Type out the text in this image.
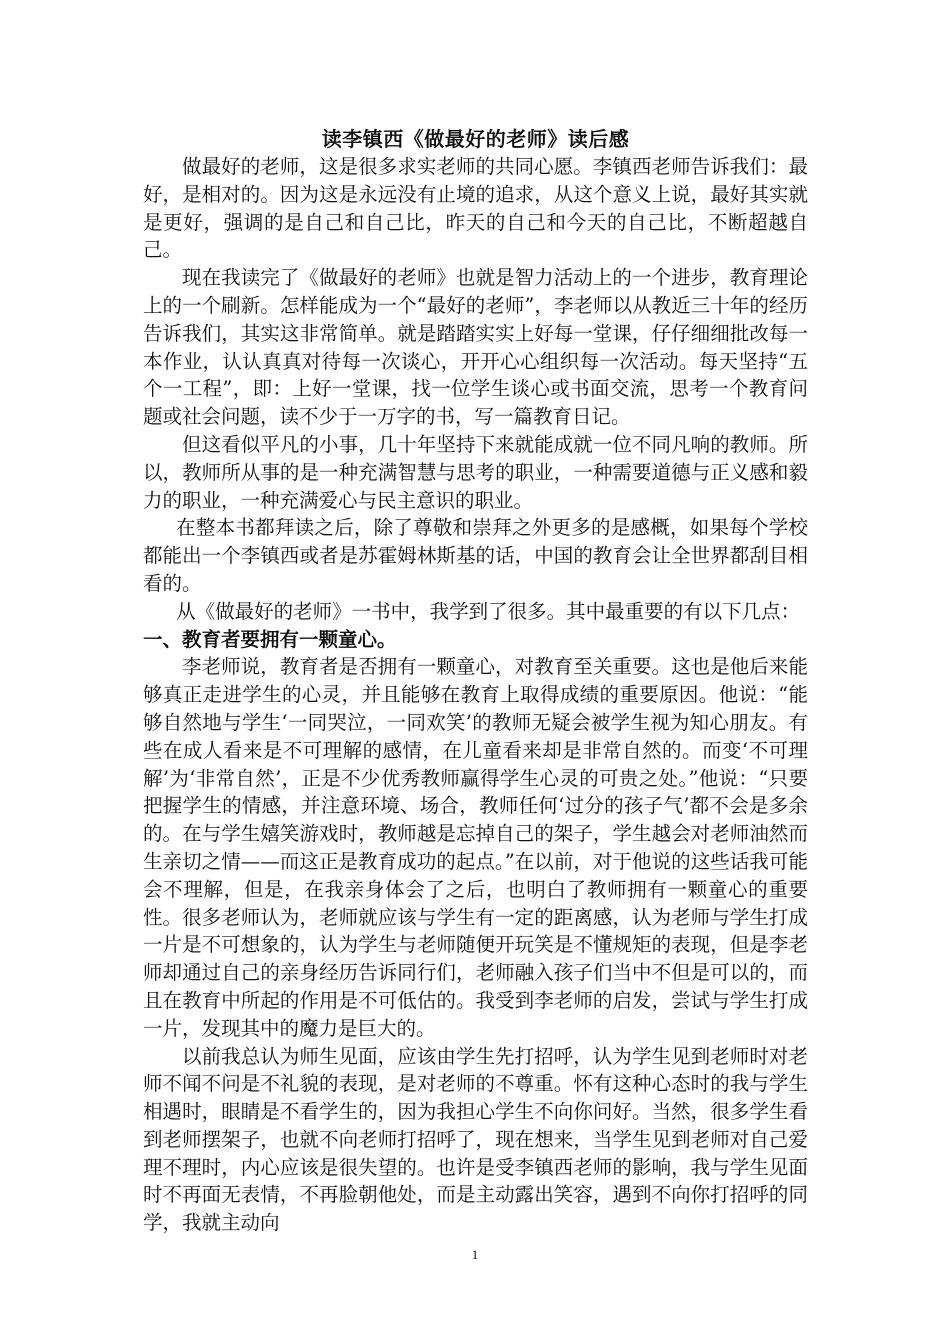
读李镇西《做最好的老师》读后感

做最好的老师，这是很多求实老师的共同心愿。李镇西老师告诉我们：最好，是相对的。因为这是永远没有止境的追求，从这个意义上说，最好其实就是更好，强调的是自己和自己比，昨天的自己和今天的自己比，不断超越自己。

现在我读完了《做最好的老师》也就是智力活动上的一个进步，教育理论上的一个刷新。怎样能成为一个“最好的老师”，李老师以从教近三十年的经历告诉我们，其实这非常简单。就是踏踏实实上好每一堂课，仔仔细细批改每一本作业，认认真真对待每一次谈心，开开心心组织每一次活动。每天坚持“五个一工程”，即：上好一堂课，找一位学生谈心或书面交流，思考一个教育问题或社会问题，读不少于一万字的书，写一篇教育日记。

但这看似平凡的小事，几十年坚持下来就能成就一位不同凡响的教师。所以，教师所从事的是一种充满智慧与思考的职业，一种需要道德与正义感和毅力的职业，一种充满爱心与民主意识的职业。

在整本书都拜读之后，除了尊敬和崇拜之外更多的是感概，如果每个学校都能出一个李镇西或者是苏霍姆林斯基的话，中国的教育会让全世界都刮目相看的。

从《做最好的老师》一书中，我学到了很多。其中最重要的有以下几点：

一、教育者要拥有一颗童心。

李老师说，教育者是否拥有一颗童心，对教育至关重要。这也是他后来能够真正走进学生的心灵，并且能够在教育上取得成绩的重要原因。他说：“能够自然地与学生‘一同哭泣，一同欢笑’的教师无疑会被学生视为知心朋友。有些在成人看来是不可理解的感情，在儿童看来却是非常自然的。而变‘不可理解’为‘非常自然’，正是不少优秀教师赢得学生心灵的可贵之处。”他说：“只要把握学生的情感，并注意环境、场合，教师任何‘过分的孩子气’都不会是多余的。在与学生嬉笑游戏时，教师越是忘掉自己的架子，学生越会对老师油然而生亲切之情——而这正是教育成功的起点。”在以前，对于他说的这些话我可能会不理解，但是，在我亲身体会了之后，也明白了教师拥有一颗童心的重要性。很多老师认为，老师就应该与学生有一定的距离感，认为老师与学生打成一片是不可想象的，认为学生与老师随便开玩笑是不懂规矩的表现，但是李老师却通过自己的亲身经历告诉同行们，老师融入孩子们当中不但是可以的，而且在教育中所起的作用是不可低估的。我受到李老师的启发，尝试与学生打成一片，发现其中的魔力是巨大的。

以前我总认为师生见面，应该由学生先打招呼，认为学生见到老师时对老师不闻不问是不礼貌的表现，是对老师的不尊重。怀有这种心态时的我与学生相遇时，眼睛是不看学生的，因为我担心学生不向你问好。当然，很多学生看到老师摆架子，也就不向老师打招呼了，现在想来，当学生见到老师对自己爱理不理时，内心应该是很失望的。也许是受李镇西老师的影响，我与学生见面时不再面无表情，不再脸朝他处，而是主动露出笑容，遇到不向你打招呼的同学，我就主动向

1
